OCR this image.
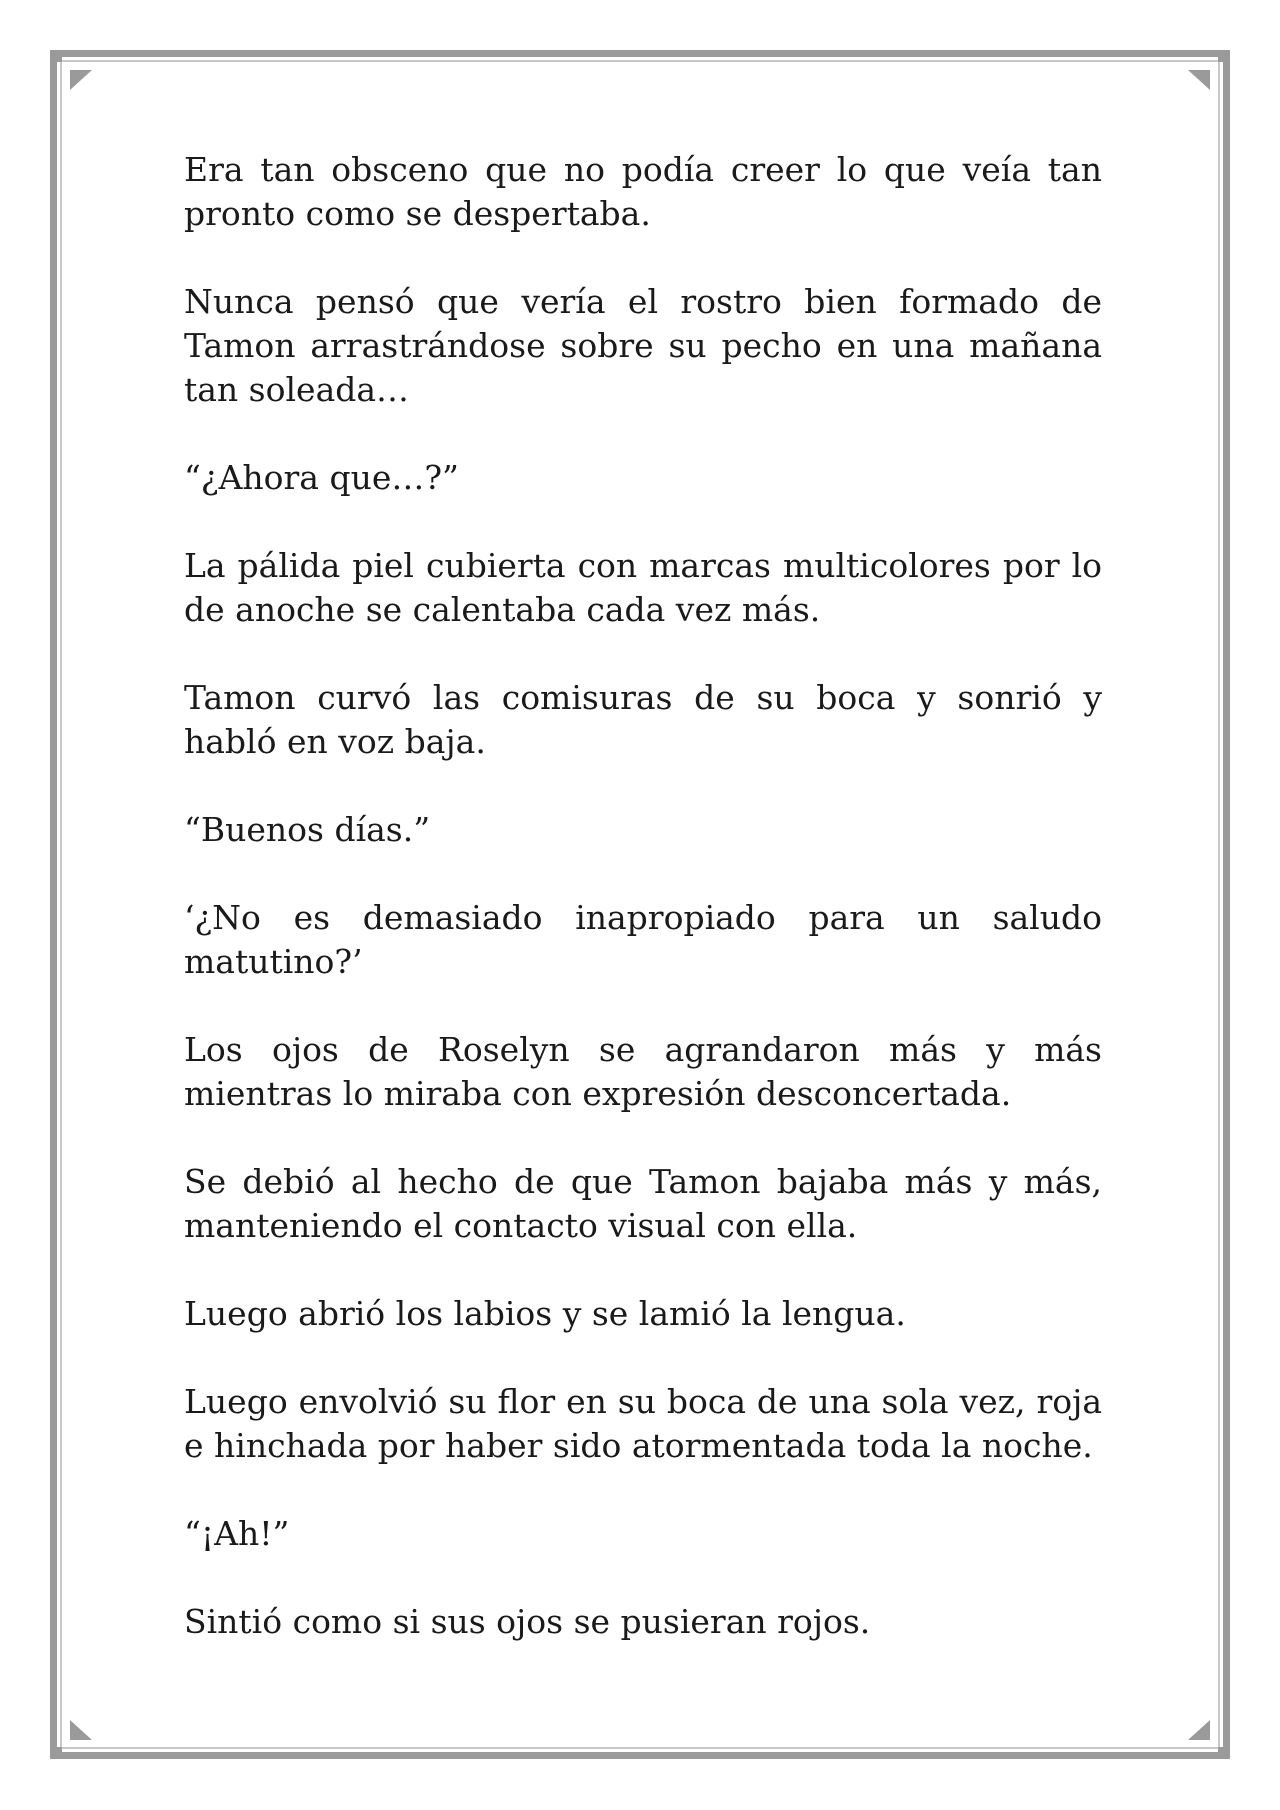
Era tan obsceno que no podía creer lo que veía tan pronto como se despertaba.

Nunca pensó que vería el rostro bien formado de Tamon arrastrándose sobre su pecho en una mañana tan soleada…

“¿Ahora que…?”

La pálida piel cubierta con marcas multicolores por lo de anoche se calentaba cada vez más.

Tamon curvó las comisuras de su boca y sonrió y habló en voz baja.

“Buenos días.”

‘¿No es demasiado inapropiado para un saludo matutino?’

Los ojos de Roselyn se agrandaron más y más mientras lo miraba con expresión desconcertada.

Se debió al hecho de que Tamon bajaba más y más, manteniendo el contacto visual con ella.

Luego abrió los labios y se lamió la lengua.

Luego envolvió su flor en su boca de una sola vez, roja e hinchada por haber sido atormentada toda la noche.

“¡Ah!”

Sintió como si sus ojos se pusieran rojos.
